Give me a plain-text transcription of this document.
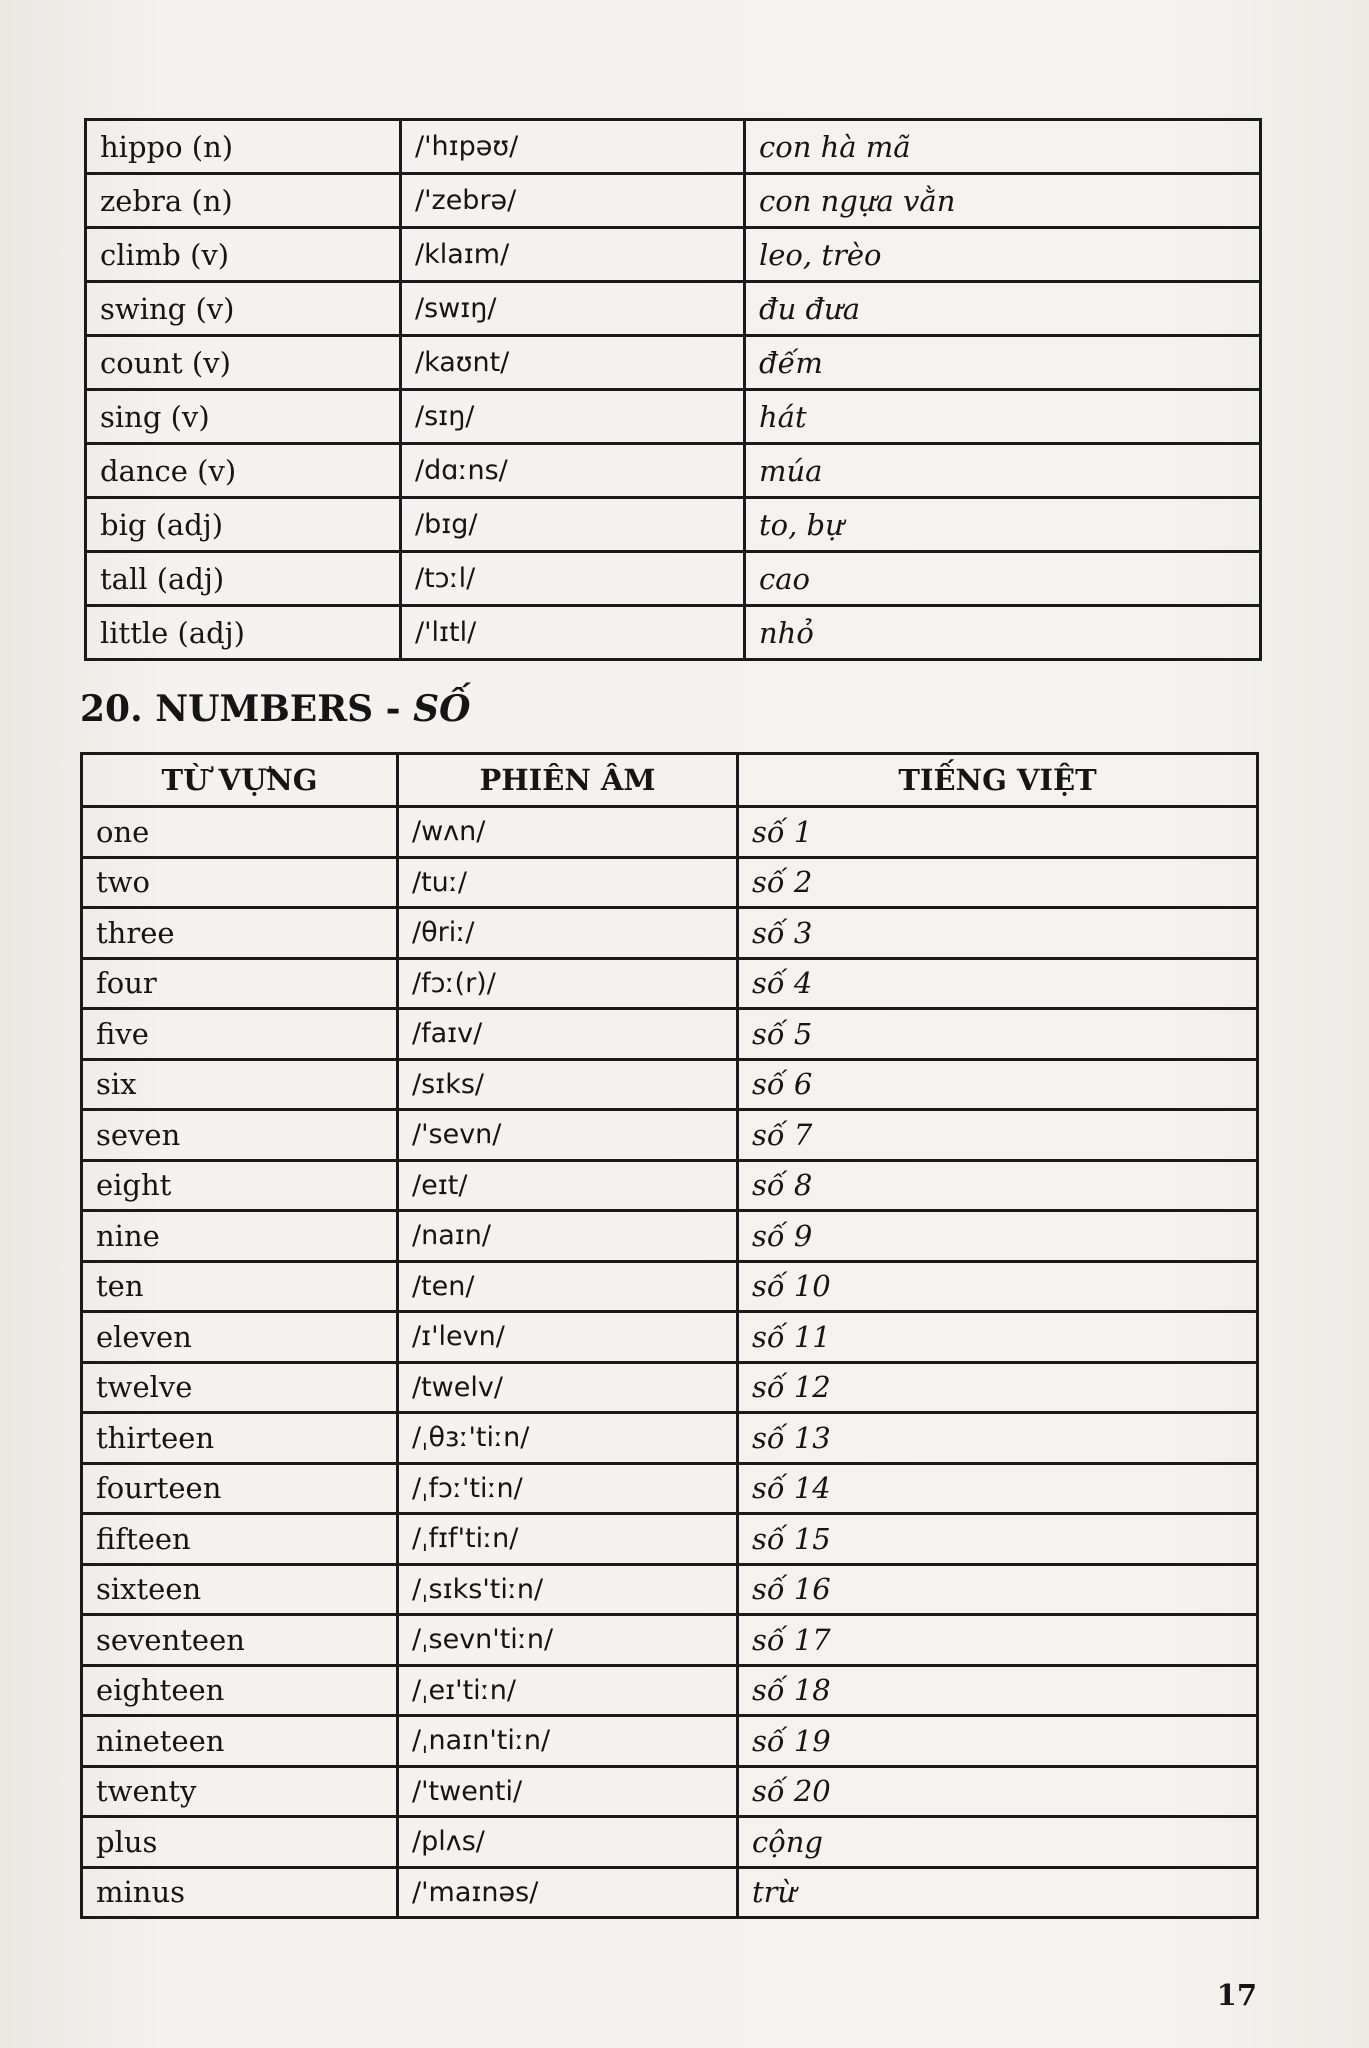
hippo (n)	/'hɪpəʊ/	con hà mã
zebra (n)	/'zebrə/	con ngựa vằn
climb (v)	/klaɪm/	leo, trèo
swing (v)	/swɪŋ/	đu đưa
count (v)	/kaʊnt/	đếm
sing (v)	/sɪŋ/	hát
dance (v)	/dɑːns/	múa
big (adj)	/bɪg/	to, bự
tall (adj)	/tɔːl/	cao
little (adj)	/'lɪtl/	nhỏ
20. NUMBERS - SỐ
TỪ VỰNG	PHIÊN ÂM	TIẾNG VIỆT
one	/wʌn/	số 1
two	/tuː/	số 2
three	/θriː/	số 3
four	/fɔː(r)/	số 4
five	/faɪv/	số 5
six	/sɪks/	số 6
seven	/'sevn/	số 7
eight	/eɪt/	số 8
nine	/naɪn/	số 9
ten	/ten/	số 10
eleven	/ɪ'levn/	số 11
twelve	/twelv/	số 12
thirteen	/ˌθɜː'tiːn/	số 13
fourteen	/ˌfɔː'tiːn/	số 14
fifteen	/ˌfɪf'tiːn/	số 15
sixteen	/ˌsɪks'tiːn/	số 16
seventeen	/ˌsevn'tiːn/	số 17
eighteen	/ˌeɪ'tiːn/	số 18
nineteen	/ˌnaɪn'tiːn/	số 19
twenty	/'twenti/	số 20
plus	/plʌs/	cộng
minus	/'maɪnəs/	trừ
17
